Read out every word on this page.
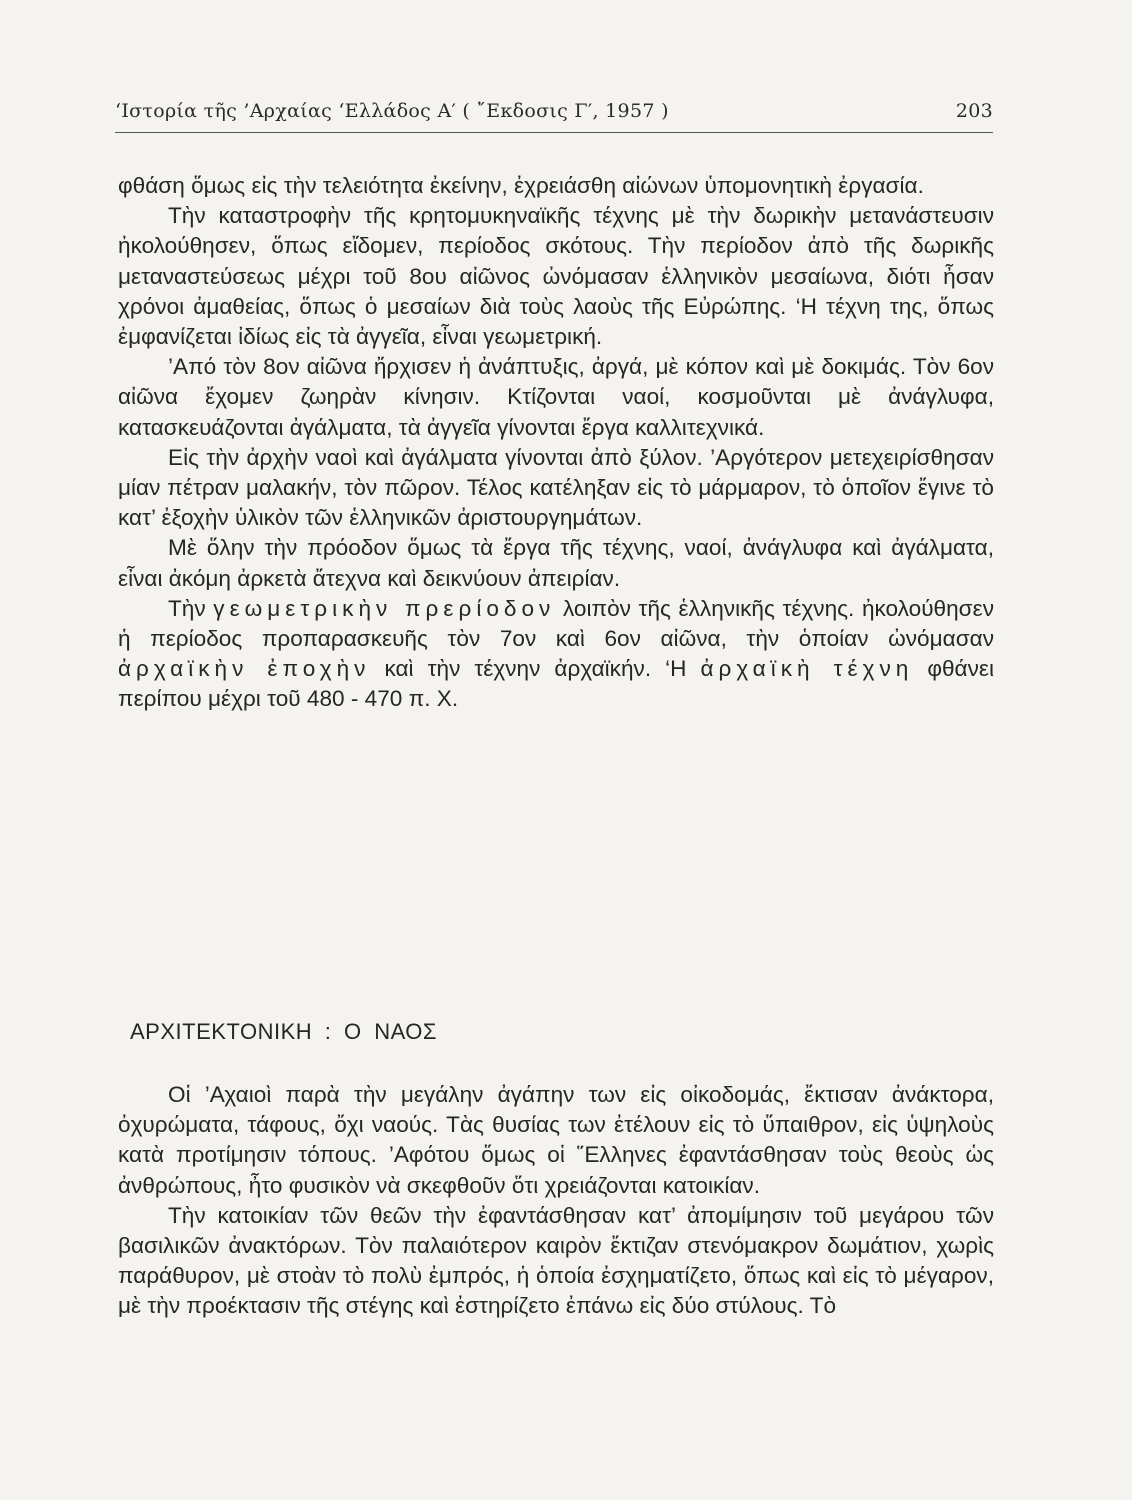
‘Ιστορία τῆς ’Αρχαίας ‘Ελλάδος Α′ ( ῎Εκδοσις Γ′, 1957 )	203

φθάση ὅμως εἰς τὴν τελειότητα ἐκείνην, ἐχρειάσθη αἰώνων ὑπομονητικὴ ἐργασία.

Τὴν καταστροφὴν τῆς κρητομυκηναϊκῆς τέχνης μὲ τὴν δωρικὴν μετανάστευσιν ἠκολούθησεν, ὅπως εἴδομεν, περίοδος σκότους. Τὴν περίοδον ἀπὸ τῆς δωρικῆς μεταναστεύσεως μέχρι τοῦ 8ου αἰῶνος ὠνόμασαν ἑλληνικὸν μεσαίωνα, διότι ἦσαν χρόνοι ἀμαθείας, ὅπως ὁ μεσαίων διὰ τοὺς λαοὺς τῆς Εὐρώπης. ‘Η τέχνη της, ὅπως ἐμφανίζεται ἰδίως εἰς τὰ ἀγγεῖα, εἶναι γεωμετρική.

’Από τὸν 8ον αἰῶνα ἤρχισεν ἡ ἀνάπτυξις, ἀργά, μὲ κόπον καὶ μὲ δοκιμάς. Τὸν 6ον αἰῶνα ἔχομεν ζωηρὰν κίνησιν. Κτίζονται ναοί, κοσμοῦνται μὲ ἀνάγλυφα, κατασκευάζονται ἀγάλματα, τὰ ἀγγεῖα γίνονται ἔργα καλλιτεχνικά.

Εἰς τὴν ἀρχὴν ναοὶ καὶ ἀγάλματα γίνονται ἀπὸ ξύλον. ’Αργότερον μετεχειρίσθησαν μίαν πέτραν μαλακήν, τὸν πῶρον. Τέλος κατέληξαν εἰς τὸ μάρμαρον, τὸ ὁποῖον ἔγινε τὸ κατ’ ἐξοχὴν ὑλικὸν τῶν ἑλληνικῶν ἀριστουργημάτων.

Μὲ ὅλην τὴν πρόοδον ὅμως τὰ ἔργα τῆς τέχνης, ναοί, ἀνάγλυφα καὶ ἀγάλματα, εἶναι ἀκόμη ἀρκετὰ ἄτεχνα καὶ δεικνύουν ἀπειρίαν.

Τὴν γεωμετρικὴν πρερίοδον λοιπὸν τῆς ἑλληνικῆς τέχνης. ἠκολούθησεν ἡ περίοδος προπαρασκευῆς τὸν 7ον καὶ 6ον αἰῶνα, τὴν ὁποίαν ὠνόμασαν ἀρχαϊκὴν ἐποχὴν καὶ τὴν τέχνην ἀρχαϊκήν. ‘Η ἀρχαϊκὴ τέχνη φθάνει περίπου μέχρι τοῦ 480 - 470 π. Χ.

ΑΡΧΙΤΕΚΤΟΝΙΚΗ : Ο ΝΑΟΣ

Οἱ ’Αχαιοὶ παρὰ τὴν μεγάλην ἀγάπην των εἰς οἰκοδομάς, ἔκτισαν ἀνάκτορα, ὀχυρώματα, τάφους, ὄχι ναούς. Τὰς θυσίας των ἐτέλουν εἰς τὸ ὕπαιθρον, εἰς ὑψηλοὺς κατὰ προτίμησιν τόπους. ’Αφότου ὅμως οἱ ῞Ελληνες ἐφαντάσθησαν τοὺς θεοὺς ὡς ἀνθρώπους, ἦτο φυσικὸν νὰ σκεφθοῦν ὅτι χρειάζονται κατοικίαν.

Τὴν κατοικίαν τῶν θεῶν τὴν ἐφαντάσθησαν κατ’ ἀπομίμησιν τοῦ μεγάρου τῶν βασιλικῶν ἀνακτόρων. Τὸν παλαιότερον καιρὸν ἔκτιζαν στενόμακρον δωμάτιον, χωρὶς παράθυρον, μὲ στοὰν τὸ πολὺ ἐμπρός, ἡ ὁποία ἐσχηματίζετο, ὅπως καὶ εἰς τὸ μέγαρον, μὲ τὴν προέκτασιν τῆς στέγης καὶ ἐστηρίζετο ἐπάνω εἰς δύο στύλους. Τὸ
